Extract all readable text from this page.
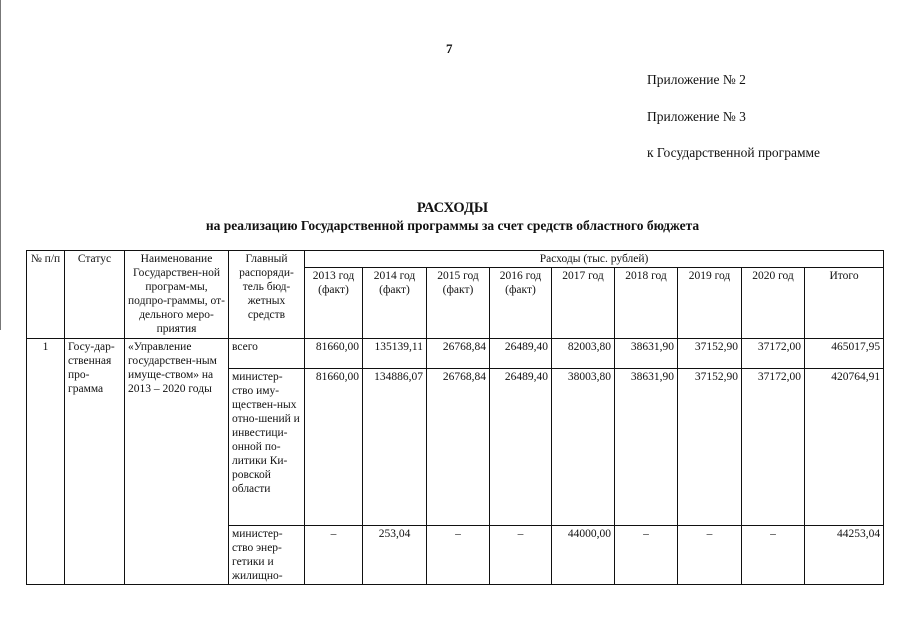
7
Приложение № 2
Приложение № 3
к Государственной программе
РАСХОДЫ
на реализацию Государственной программы за счет средств областного бюджета
№ п/п	Статус	Наименование Государствен-ной програм-мы, подпро-граммы, от-дельного меро-приятия	Главный распоряди-тель бюд-жетных средств	Расходы (тыс. рублей)								
				2013 год (факт)	2014 год (факт)	2015 год (факт)	2016 год (факт)	2017 год	2018 год	2019 год	2020 год	Итого
1	Госу-дар-ственная про-грамма	«Управление государствен-ным имуще-ством» на 2013 – 2020 годы	всего	81660,00	135139,11	26768,84	26489,40	82003,80	38631,90	37152,90	37172,00	465017,95
			министер-ство иму-ществен-ных отно-шений и инвестици-онной по-литики Ки-ровской области	81660,00	134886,07	26768,84	26489,40	38003,80	38631,90	37152,90	37172,00	420764,91
			министер-ство энер-гетики и жилищно-	–	253,04	–	–	44000,00	–	–	–	44253,04
